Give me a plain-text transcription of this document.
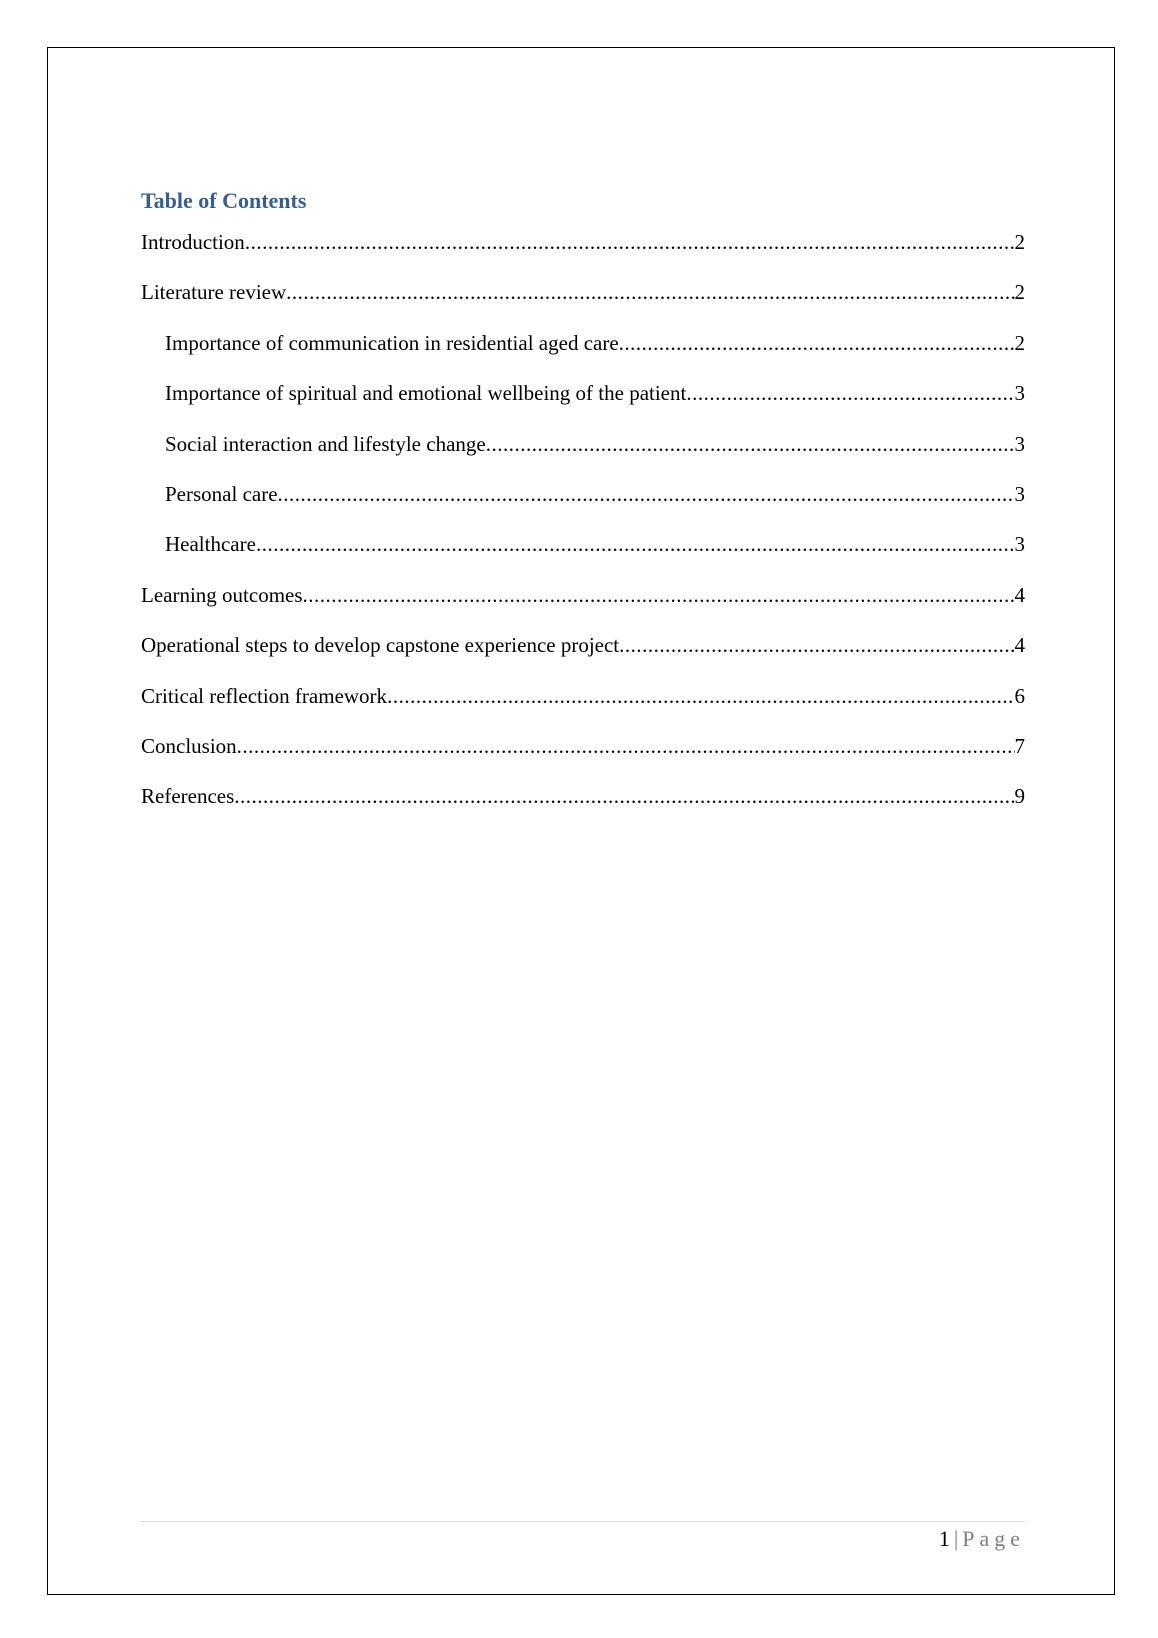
Table of Contents
Introduction .....	2
Literature review .....	2
Importance of communication in residential aged care .....	2
Importance of spiritual and emotional wellbeing of the patient .....	3
Social interaction and lifestyle change .....	3
Personal care .....	3
Healthcare .....	3
Learning outcomes .....	4
Operational steps to develop capstone experience project .....	4
Critical reflection framework .....	6
Conclusion .....	7
References .....	9
1 | Page
